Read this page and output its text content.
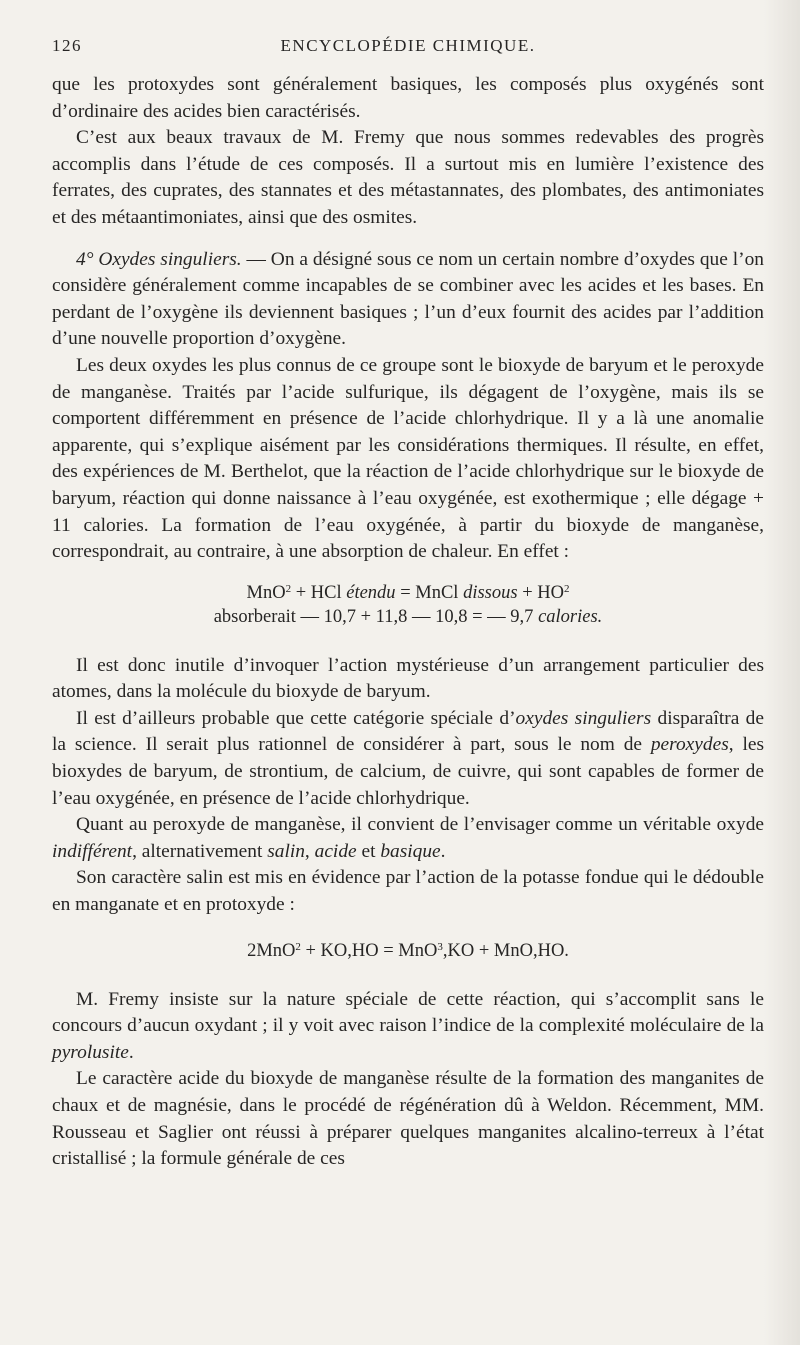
126	ENCYCLOPÉDIE CHIMIQUE.

que les protoxydes sont généralement basiques, les composés plus oxygénés sont d’ordinaire des acides bien caractérisés.

C’est aux beaux travaux de M. Fremy que nous sommes redevables des progrès accomplis dans l’étude de ces composés. Il a surtout mis en lumière l’existence des ferrates, des cuprates, des stannates et des métastannates, des plombates, des antimoniates et des métaantimoniates, ainsi que des osmites.

4° Oxydes singuliers. — On a désigné sous ce nom un certain nombre d’oxydes que l’on considère généralement comme incapables de se combiner avec les acides et les bases. En perdant de l’oxygène ils deviennent basiques ; l’un d’eux fournit des acides par l’addition d’une nouvelle proportion d’oxygène.

Les deux oxydes les plus connus de ce groupe sont le bioxyde de baryum et le peroxyde de manganèse. Traités par l’acide sulfurique, ils dégagent de l’oxygène, mais ils se comportent différemment en présence de l’acide chlorhydrique. Il y a là une anomalie apparente, qui s’explique aisément par les considérations thermiques. Il résulte, en effet, des expériences de M. Berthelot, que la réaction de l’acide chlorhydrique sur le bioxyde de baryum, réaction qui donne naissance à l’eau oxygénée, est exothermique ; elle dégage + 11 calories. La formation de l’eau oxygénée, à partir du bioxyde de manganèse, correspondrait, au contraire, à une absorption de chaleur. En effet :

MnO$^2$ + HCl étendu = MnCl dissous + $HO^2$
absorberait — 10,7 + 11,8 — 10,8 = — 9,7 calories.

Il est donc inutile d’invoquer l’action mystérieuse d’un arrangement particulier des atomes, dans la molécule du bioxyde de baryum.

Il est d’ailleurs probable que cette catégorie spéciale d’oxydes singuliers disparaîtra de la science. Il serait plus rationnel de considérer à part, sous le nom de peroxydes, les bioxydes de baryum, de strontium, de calcium, de cuivre, qui sont capables de former de l’eau oxygénée, en présence de l’acide chlorhydrique.

Quant au peroxyde de manganèse, il convient de l’envisager comme un véritable oxyde indifférent, alternativement salin, acide et basique.

Son caractère salin est mis en évidence par l’action de la potasse fondue qui le dédouble en manganate et en protoxyde :

2MnO$^2$ + KO,HO = MnO$^3$,KO + MnO,HO.

M. Fremy insiste sur la nature spéciale de cette réaction, qui s’accomplit sans le concours d’aucun oxydant ; il y voit avec raison l’indice de la complexité moléculaire de la pyrolusite.

Le caractère acide du bioxyde de manganèse résulte de la formation des manganites de chaux et de magnésie, dans le procédé de régénération dû à Weldon. Récemment, MM. Rousseau et Saglier ont réussi à préparer quelques manganites alcalino-terreux à l’état cristallisé ; la formule générale de ces
